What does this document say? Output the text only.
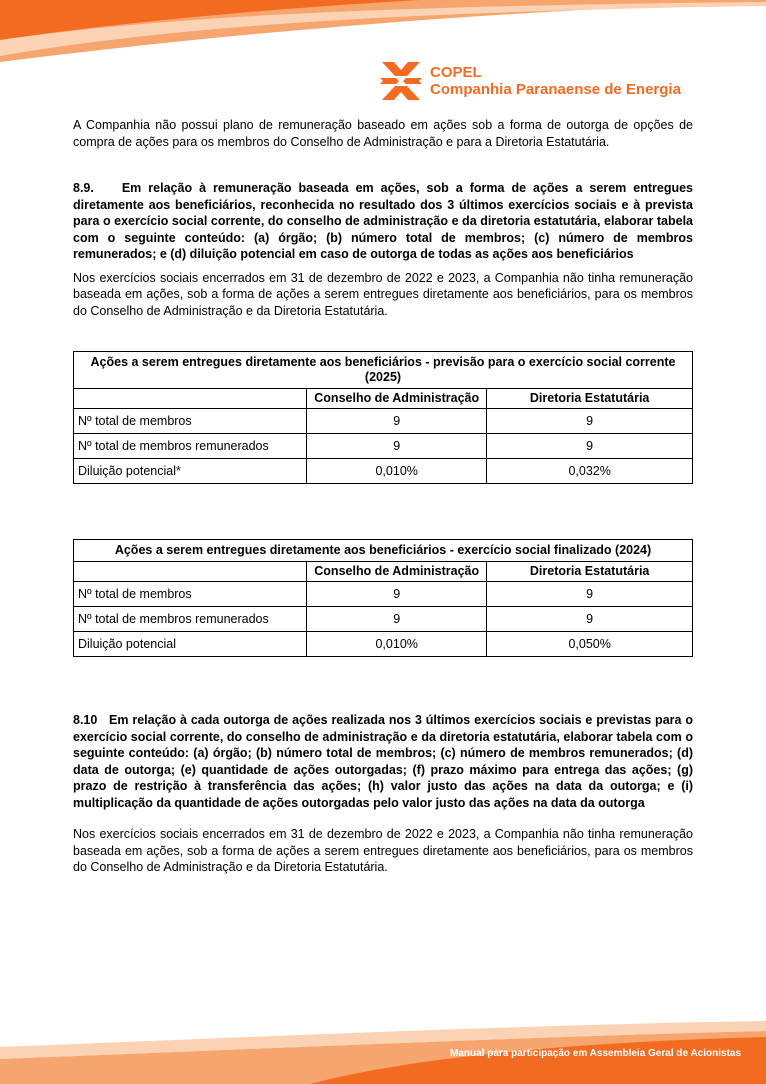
COPEL
Companhia Paranaense de Energia

A Companhia não possui plano de remuneração baseado em ações sob a forma de outorga de opções de compra de ações para os membros do Conselho de Administração e para a Diretoria Estatutária.

8.9.    Em relação à remuneração baseada em ações, sob a forma de ações a serem entregues diretamente aos beneficiários, reconhecida no resultado dos 3 últimos exercícios sociais e à prevista para o exercício social corrente, do conselho de administração e da diretoria estatutária, elaborar tabela com o seguinte conteúdo: (a) órgão; (b) número total de membros; (c) número de membros remunerados; e (d) diluição potencial em caso de outorga de todas as ações aos beneficiários

Nos exercícios sociais encerrados em 31 de dezembro de 2022 e 2023, a Companhia não tinha remuneração baseada em ações, sob a forma de ações a serem entregues diretamente aos beneficiários, para os membros do Conselho de Administração e da Diretoria Estatutária.

Ações a serem entregues diretamente aos beneficiários - previsão para o exercício social corrente (2025)		
	Conselho de Administração	Diretoria Estatutária
Nº total de membros	9	9
Nº total de membros remunerados	9	9
Diluição potencial*	0,010%	0,032%
Ações a serem entregues diretamente aos beneficiários - exercício social finalizado (2024)		
	Conselho de Administração	Diretoria Estatutária
Nº total de membros	9	9
Nº total de membros remunerados	9	9
Diluição potencial	0,010%	0,050%

8.10   Em relação à cada outorga de ações realizada nos 3 últimos exercícios sociais e previstas para o exercício social corrente, do conselho de administração e da diretoria estatutária, elaborar tabela com o seguinte conteúdo: (a) órgão; (b) número total de membros; (c) número de membros remunerados; (d) data de outorga; (e) quantidade de ações outorgadas; (f) prazo máximo para entrega das ações; (g) prazo de restrição à transferência das ações; (h) valor justo das ações na data da outorga; e (i) multiplicação da quantidade de ações outorgadas pelo valor justo das ações na data da outorga

Nos exercícios sociais encerrados em 31 de dezembro de 2022 e 2023, a Companhia não tinha remuneração baseada em ações, sob a forma de ações a serem entregues diretamente aos beneficiários, para os membros do Conselho de Administração e da Diretoria Estatutária.

Manual para participação em Assembleia Geral de Acionistas
